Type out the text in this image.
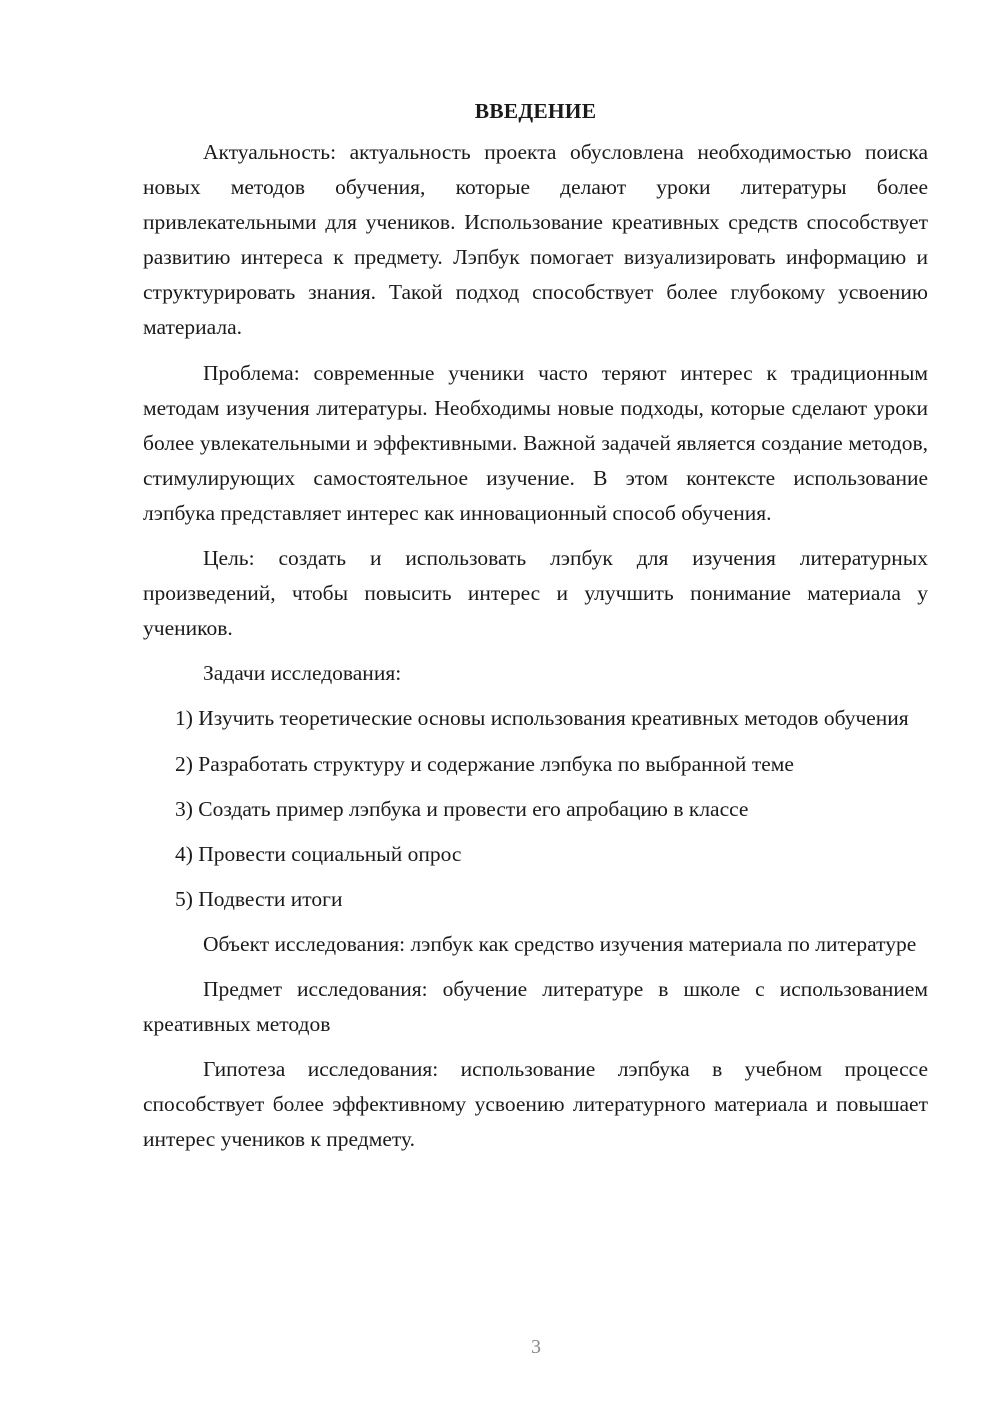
ВВЕДЕНИЕ

Актуальность: актуальность проекта обусловлена необходимостью поиска новых методов обучения, которые делают уроки литературы более привлекательными для учеников. Использование креативных средств способствует развитию интереса к предмету. Лэпбук помогает визуализировать информацию и структурировать знания. Такой подход способствует более глубокому усвоению материала.

Проблема: современные ученики часто теряют интерес к традиционным методам изучения литературы. Необходимы новые подходы, которые сделают уроки более увлекательными и эффективными. Важной задачей является создание методов, стимулирующих самостоятельное изучение. В этом контексте использование лэпбука представляет интерес как инновационный способ обучения.

Цель: создать и использовать лэпбук для изучения литературных произведений, чтобы повысить интерес и улучшить понимание материала у учеников.

Задачи исследования:

1) Изучить теоретические основы использования креативных методов обучения

2) Разработать структуру и содержание лэпбука по выбранной теме

3) Создать пример лэпбука и провести его апробацию в классе

4) Провести социальный опрос

5) Подвести итоги

Объект исследования: лэпбук как средство изучения материала по литературе

Предмет исследования: обучение литературе в школе с использованием креативных методов

Гипотеза исследования: использование лэпбука в учебном процессе способствует более эффективному усвоению литературного материала и повышает интерес учеников к предмету.

3
